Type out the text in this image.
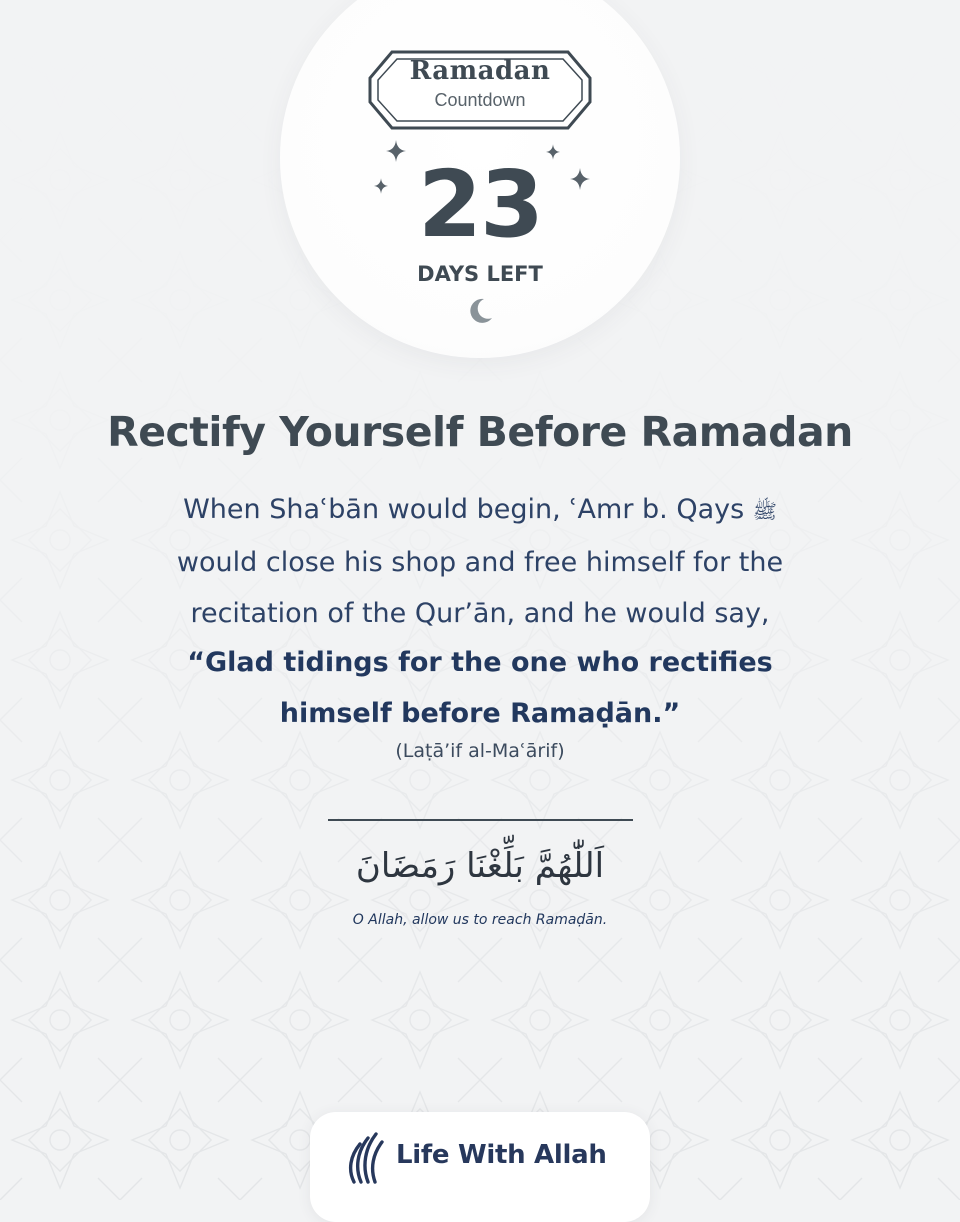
Ramadan
Countdown
23
DAYS LEFT
Rectify Yourself Before Ramadan
When Shaʿbān would begin, ʿAmr b. Qays ﷺ
would close his shop and free himself for the
recitation of the Qur’ān, and he would say,
“Glad tidings for the one who rectifies
himself before Ramaḍān.”
(Laṭā’if al-Maʿārif)
اَللّٰهُمَّ بَلِّغْنَا رَمَضَانَ
O Allah, allow us to reach Ramaḍān.
Life With Allah
